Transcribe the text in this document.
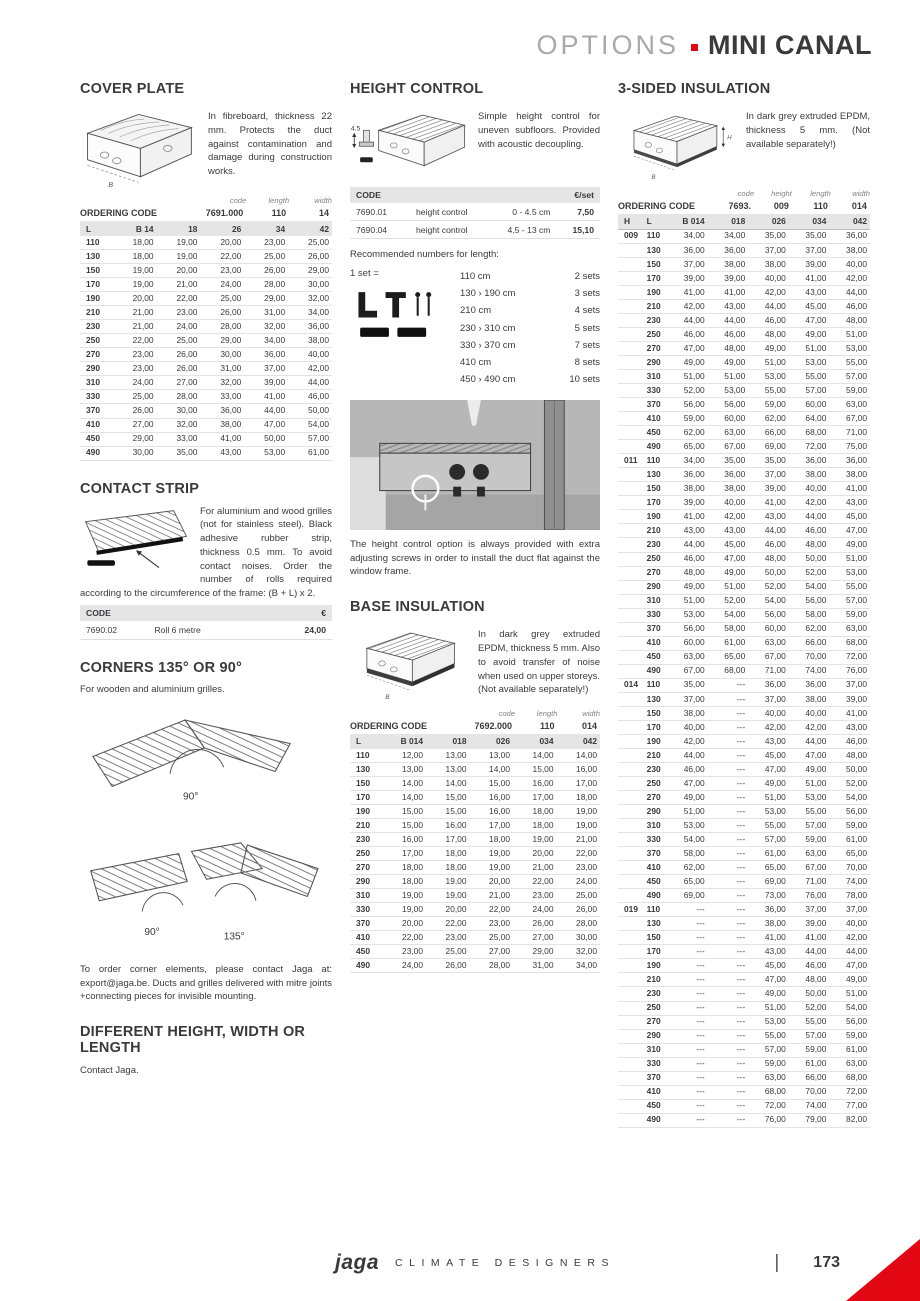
OPTIONS MINI CANAL
COVER PLATE
B

In fibreboard, thickness 22 mm. Protects the duct against contamination and damage during construction works.

code	length	width
ORDERING CODE	7691.000	110	14
L	B 14	18	26	34	42
110	18,00	19,00	20,00	23,00	25,00
130	18,00	19,00	22,00	25,00	26,00
150	19,00	20,00	23,00	26,00	29,00
170	19,00	21,00	24,00	28,00	30,00
190	20,00	22,00	25,00	29,00	32,00
210	21,00	23,00	26,00	31,00	34,00
230	21,00	24,00	28,00	32,00	36,00
250	22,00	25,00	29,00	34,00	38,00
270	23,00	26,00	30,00	36,00	40,00
290	23,00	26,00	31,00	37,00	42,00
310	24,00	27,00	32,00	39,00	44,00
330	25,00	28,00	33,00	41,00	46,00
370	26,00	30,00	36,00	44,00	50,00
410	27,00	32,00	38,00	47,00	54,00
450	29,00	33,00	41,00	50,00	57,00
490	30,00	35,00	43,00	53,00	61,00
CONTACT STRIP
For aluminium and wood grilles (not for stainless steel). Black adhesive rubber strip, thickness 0.5 mm. To avoid contact noises. Order the number of rolls required according to the circumference of the frame: (B + L) x 2.
CODE		€
7690.02	Roll 6 metre	24,00
CORNERS 135° OR 90°

For wooden and aluminium grilles.

90°
90°	135°

To order corner elements, please contact Jaga at: export@jaga.be. Ducts and grilles delivered with mitre joints +connecting pieces for invisible mounting.

DIFFERENT HEIGHT, WIDTH OR LENGTH

Contact Jaga.

HEIGHT CONTROL
4.5

Simple height control for uneven subfloors. Provided with acoustic decoupling.

CODE			€/set
7690.01	height control	0 - 4.5 cm	7,50
7690.04	height control	4.5 - 13 cm	15,10

Recommended numbers for length:

1 set =	110 cm	2 sets
130 › 190 cm	3 sets
210 cm	4 sets
230 › 310 cm	5 sets
330 › 370 cm	7 sets
410 cm	8 sets
450 › 490 cm	10 sets

The height control option is always provided with extra adjusting screws in order to install the duct flat against the window frame.

BASE INSULATION
B

In dark grey extruded EPDM, thickness 5 mm. Also to avoid transfer of noise when used on upper storeys. (Not available separately!)

code	length	width
ORDERING CODE	7692.000	110	014
L	B 014	018	026	034	042
110	12,00	13,00	13,00	14,00	14,00
130	13,00	13,00	14,00	15,00	16,00
150	14,00	14,00	15,00	16,00	17,00
170	14,00	15,00	16,00	17,00	18,00
190	15,00	15,00	16,00	18,00	19,00
210	15,00	16,00	17,00	18,00	19,00
230	16,00	17,00	18,00	19,00	21,00
250	17,00	18,00	19,00	20,00	22,00
270	18,00	18,00	19,00	21,00	23,00
290	18,00	19,00	20,00	22,00	24,00
310	19,00	19,00	21,00	23,00	25,00
330	19,00	20,00	22,00	24,00	26,00
370	20,00	22,00	23,00	26,00	28,00
410	22,00	23,00	25,00	27,00	30,00
450	23,00	25,00	27,00	29,00	32,00
490	24,00	26,00	28,00	31,00	34,00
3-SIDED INSULATION
H
B

In dark grey extruded EPDM, thickness 5 mm. (Not available separately!)

code	height	length	width
ORDERING CODE	7693.	009	110	014
H	L	B 014	018	026	034	042
009	110	34,00	34,00	35,00	35,00	36,00
	130	36,00	36,00	37,00	37,00	38,00
	150	37,00	38,00	38,00	39,00	40,00
	170	39,00	39,00	40,00	41,00	42,00
	190	41,00	41,00	42,00	43,00	44,00
	210	42,00	43,00	44,00	45,00	46,00
	230	44,00	44,00	46,00	47,00	48,00
	250	46,00	46,00	48,00	49,00	51,00
	270	47,00	48,00	49,00	51,00	53,00
	290	49,00	49,00	51,00	53,00	55,00
	310	51,00	51,00	53,00	55,00	57,00
	330	52,00	53,00	55,00	57,00	59,00
	370	56,00	56,00	59,00	60,00	63,00
	410	59,00	60,00	62,00	64,00	67,00
	450	62,00	63,00	66,00	68,00	71,00
	490	65,00	67,00	69,00	72,00	75,00
011	110	34,00	35,00	35,00	36,00	36,00
	130	36,00	36,00	37,00	38,00	38,00
	150	38,00	38,00	39,00	40,00	41,00
	170	39,00	40,00	41,00	42,00	43,00
	190	41,00	42,00	43,00	44,00	45,00
	210	43,00	43,00	44,00	46,00	47,00
	230	44,00	45,00	46,00	48,00	49,00
	250	46,00	47,00	48,00	50,00	51,00
	270	48,00	49,00	50,00	52,00	53,00
	290	49,00	51,00	52,00	54,00	55,00
	310	51,00	52,00	54,00	56,00	57,00
	330	53,00	54,00	56,00	58,00	59,00
	370	56,00	58,00	60,00	62,00	63,00
	410	60,00	61,00	63,00	66,00	68,00
	450	63,00	65,00	67,00	70,00	72,00
	490	67,00	68,00	71,00	74,00	76,00
014	110	35,00	---	36,00	36,00	37,00
	130	37,00	---	37,00	38,00	39,00
	150	38,00	---	40,00	40,00	41,00
	170	40,00	---	42,00	42,00	43,00
	190	42,00	---	43,00	44,00	46,00
	210	44,00	---	45,00	47,00	48,00
	230	46,00	---	47,00	49,00	50,00
	250	47,00	---	49,00	51,00	52,00
	270	49,00	---	51,00	53,00	54,00
	290	51,00	---	53,00	55,00	56,00
	310	53,00	---	55,00	57,00	59,00
	330	54,00	---	57,00	59,00	61,00
	370	58,00	---	61,00	63,00	65,00
	410	62,00	---	65,00	67,00	70,00
	450	65,00	---	69,00	71,00	74,00
	490	69,00	---	73,00	76,00	78,00
019	110	---	---	36,00	37,00	37,00
	130	---	---	38,00	39,00	40,00
	150	---	---	41,00	41,00	42,00
	170	---	---	43,00	44,00	44,00
	190	---	---	45,00	46,00	47,00
	210	---	---	47,00	48,00	49,00
	230	---	---	49,00	50,00	51,00
	250	---	---	51,00	52,00	54,00
	270	---	---	53,00	55,00	56,00
	290	---	---	55,00	57,00	59,00
	310	---	---	57,00	59,00	61,00
	330	---	---	59,00	61,00	63,00
	370	---	---	63,00	66,00	68,00
	410	---	---	68,00	70,00	72,00
	450	---	---	72,00	74,00	77,00
	490	---	---	76,00	79,00	82,00
jaga CLIMATE DESIGNERS	| 173
